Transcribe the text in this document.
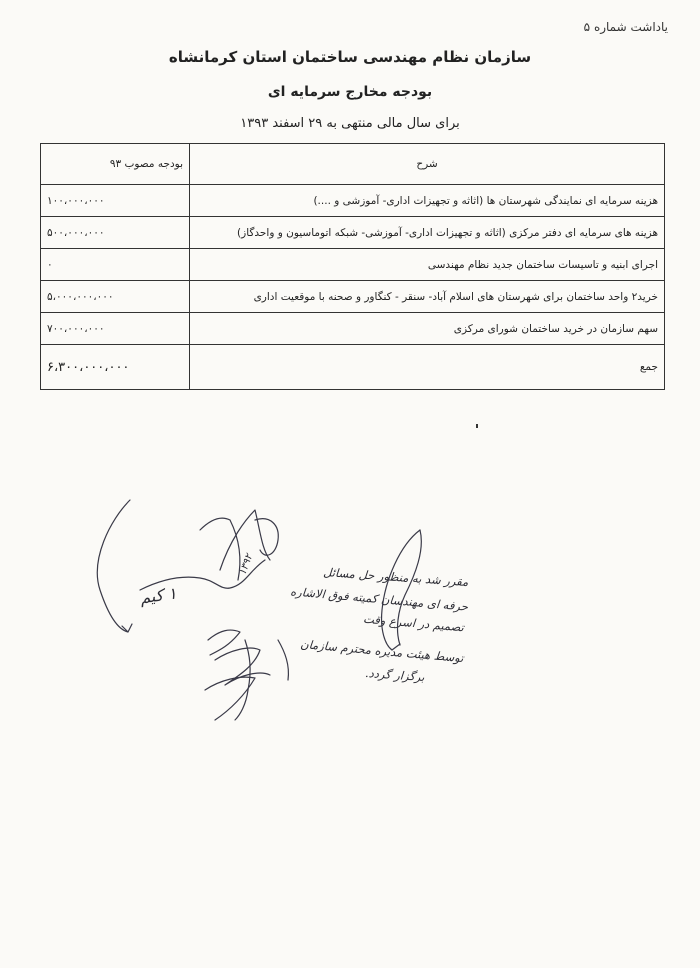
یاداشت شماره ۵
سازمان نظام مهندسی ساختمان استان کرمانشاه
بودجه مخارج سرمایه ای
برای سال مالی منتهی به ۲۹ اسفند ۱۳۹۳
شرح	بودجه مصوب ۹۳
هزینه سرمایه ای نمایندگی شهرستان ها (اثاثه و تجهیزات اداری- آموزشی و ....)	۱۰۰،۰۰۰،۰۰۰
هزینه های سرمایه ای دفتر مرکزی (اثاثه و تجهیزات اداری- آموزشی- شبکه اتوماسیون و واحدگاز)	۵۰۰،۰۰۰،۰۰۰
اجرای ابنیه و تاسیسات ساختمان جدید نظام مهندسی	۰
خرید۲ واحد ساختمان برای شهرستان های اسلام آباد- سنقر - کنگاور و صحنه با موقعیت اداری	۵،۰۰۰،۰۰۰،۰۰۰
سهم سازمان در خرید ساختمان شورای مرکزی	۷۰۰،۰۰۰،۰۰۰
جمع	۶،۳۰۰،۰۰۰،۰۰۰
مقرر شد به منظور حل مسائل
حرفه ای مهندسان کمیته فوق الاشاره
تصمیم در اسرع وقت
توسط هیئت مدیره محترم سازمان
برگزار گردد.
۱ کیم
۱۳۹۲
